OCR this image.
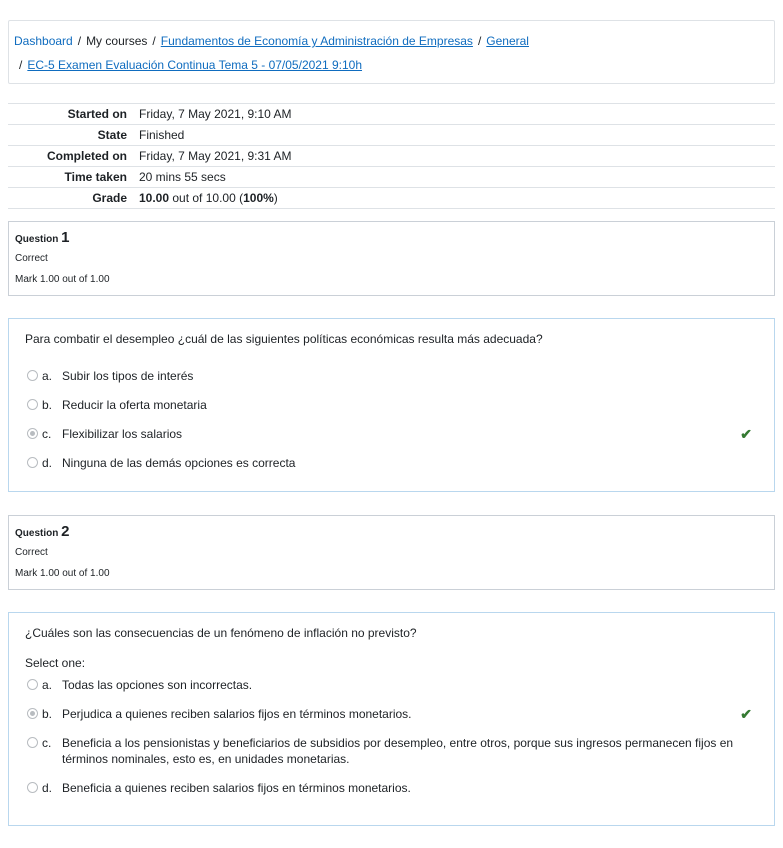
Dashboard / My courses / Fundamentos de Economía y Administración de Empresas / General
/ EC-5 Examen Evaluación Continua Tema 5 - 07/05/2021 9:10h
Started on	Friday, 7 May 2021, 9:10 AM
State	Finished
Completed on	Friday, 7 May 2021, 9:31 AM
Time taken	20 mins 55 secs
Grade	10.00 out of 10.00 (100%)
Question 1
Correct
Mark 1.00 out of 1.00
Para combatir el desempleo ¿cuál de las siguientes políticas económicas resulta más adecuada?
a. Subir los tipos de interés
b. Reducir la oferta monetaria
c. Flexibilizar los salarios	✔
d. Ninguna de las demás opciones es correcta
Question 2
Correct
Mark 1.00 out of 1.00
¿Cuáles son las consecuencias de un fenómeno de inflación no previsto?
Select one:
a. Todas las opciones son incorrectas.
b. Perjudica a quienes reciben salarios fijos en términos monetarios.	✔
c. Beneficia a los pensionistas y beneficiarios de subsidios por desempleo, entre otros, porque sus ingresos permanecen fijos en términos nominales, esto es, en unidades monetarias.
d. Beneficia a quienes reciben salarios fijos en términos monetarios.
